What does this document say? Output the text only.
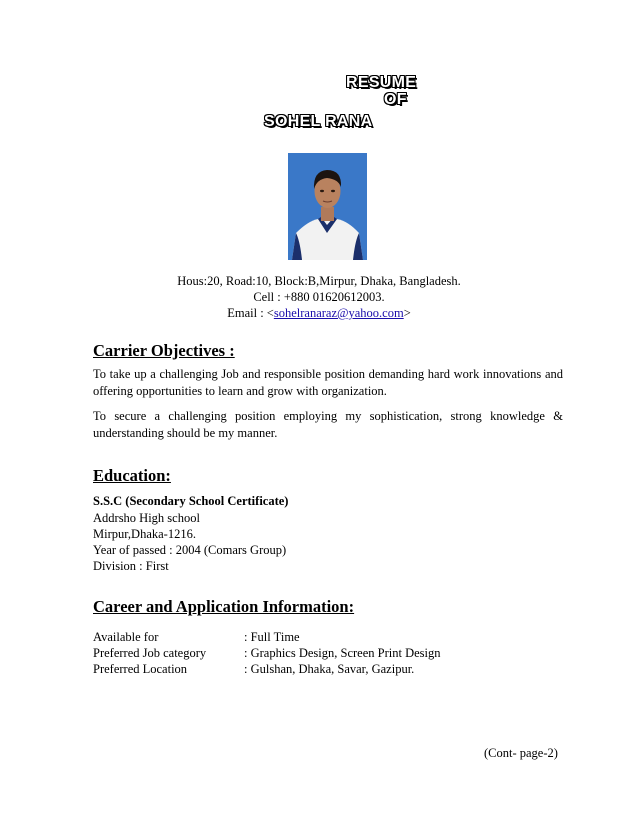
RESUME
OF
SOHEL RANA
Hous:20, Road:10, Block:B,Mirpur, Dhaka, Bangladesh.
Cell : +880 01620612003.
Email : <sohelranaraz@yahoo.com>
Carrier Objectives :
To take up a challenging Job and responsible position demanding hard work innovations and offering opportunities to learn and grow with organization.
To secure a challenging position employing my sophistication, strong knowledge & understanding should be my manner.
Education:
S.S.C (Secondary School Certificate)
Addrsho High school
Mirpur,Dhaka-1216.
Year of passed : 2004 (Comars Group)
Division : First
Career and Application Information:
Available for	: Full Time
Preferred Job category	: Graphics Design, Screen Print Design
Preferred Location	: Gulshan, Dhaka, Savar, Gazipur.
(Cont- page-2)
